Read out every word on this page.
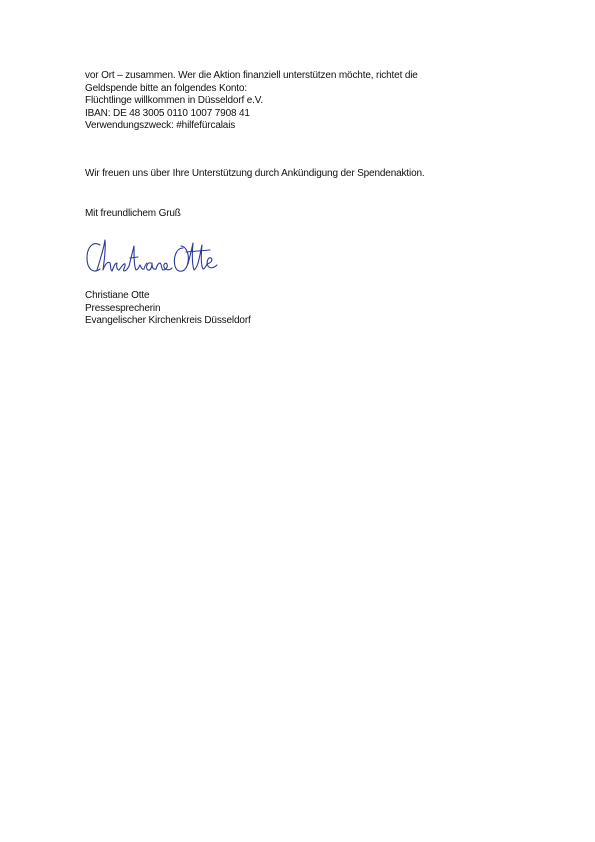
vor Ort – zusammen. Wer die Aktion finanziell unterstützen möchte, richtet die
Geldspende bitte an folgendes Konto:
Flüchtlinge willkommen in Düsseldorf e.V.
IBAN: DE 48 3005 0110 1007 7908 41
Verwendungszweck: #hilfefürcalais
Wir freuen uns über Ihre Unterstützung durch Ankündigung der Spendenaktion.
Mit freundlichem Gruß
Christiane Otte
Pressesprecherin
Evangelischer Kirchenkreis Düsseldorf
